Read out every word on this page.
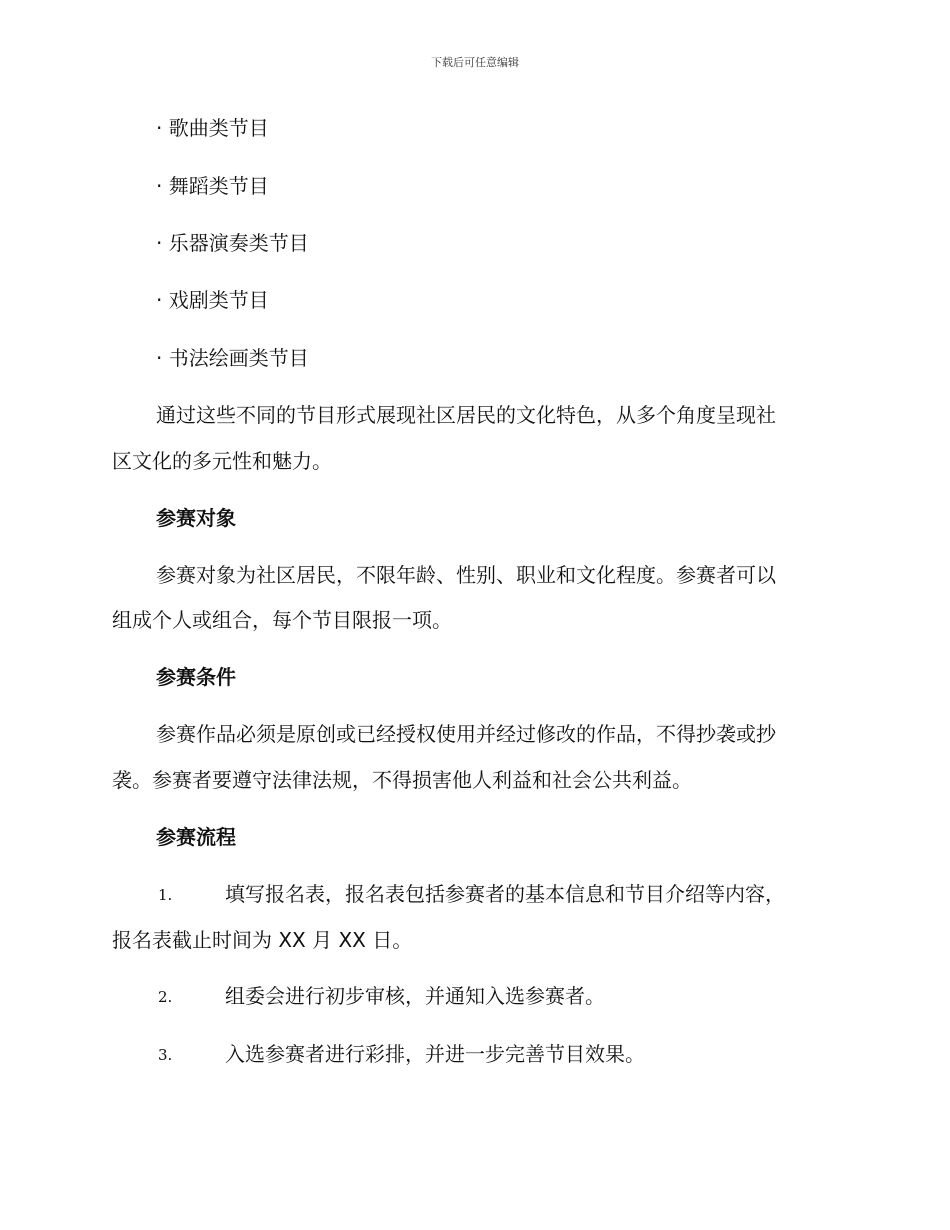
下载后可任意编辑
· 歌曲类节目
· 舞蹈类节目
· 乐器演奏类节目
· 戏剧类节目
· 书法绘画类节目
通过这些不同的节目形式展现社区居民的文化特色，从多个角度呈现社
区文化的多元性和魅力。
参赛对象
参赛对象为社区居民，不限年龄、性别、职业和文化程度。参赛者可以
组成个人或组合，每个节目限报一项。
参赛条件
参赛作品必须是原创或已经授权使用并经过修改的作品，不得抄袭或抄
袭。参赛者要遵守法律法规，不得损害他人利益和社会公共利益。
参赛流程
1.	填写报名表，报名表包括参赛者的基本信息和节目介绍等内容，
报名表截止时间为 XX 月 XX 日。
2.	组委会进行初步审核，并通知入选参赛者。
3.	入选参赛者进行彩排，并进一步完善节目效果。
